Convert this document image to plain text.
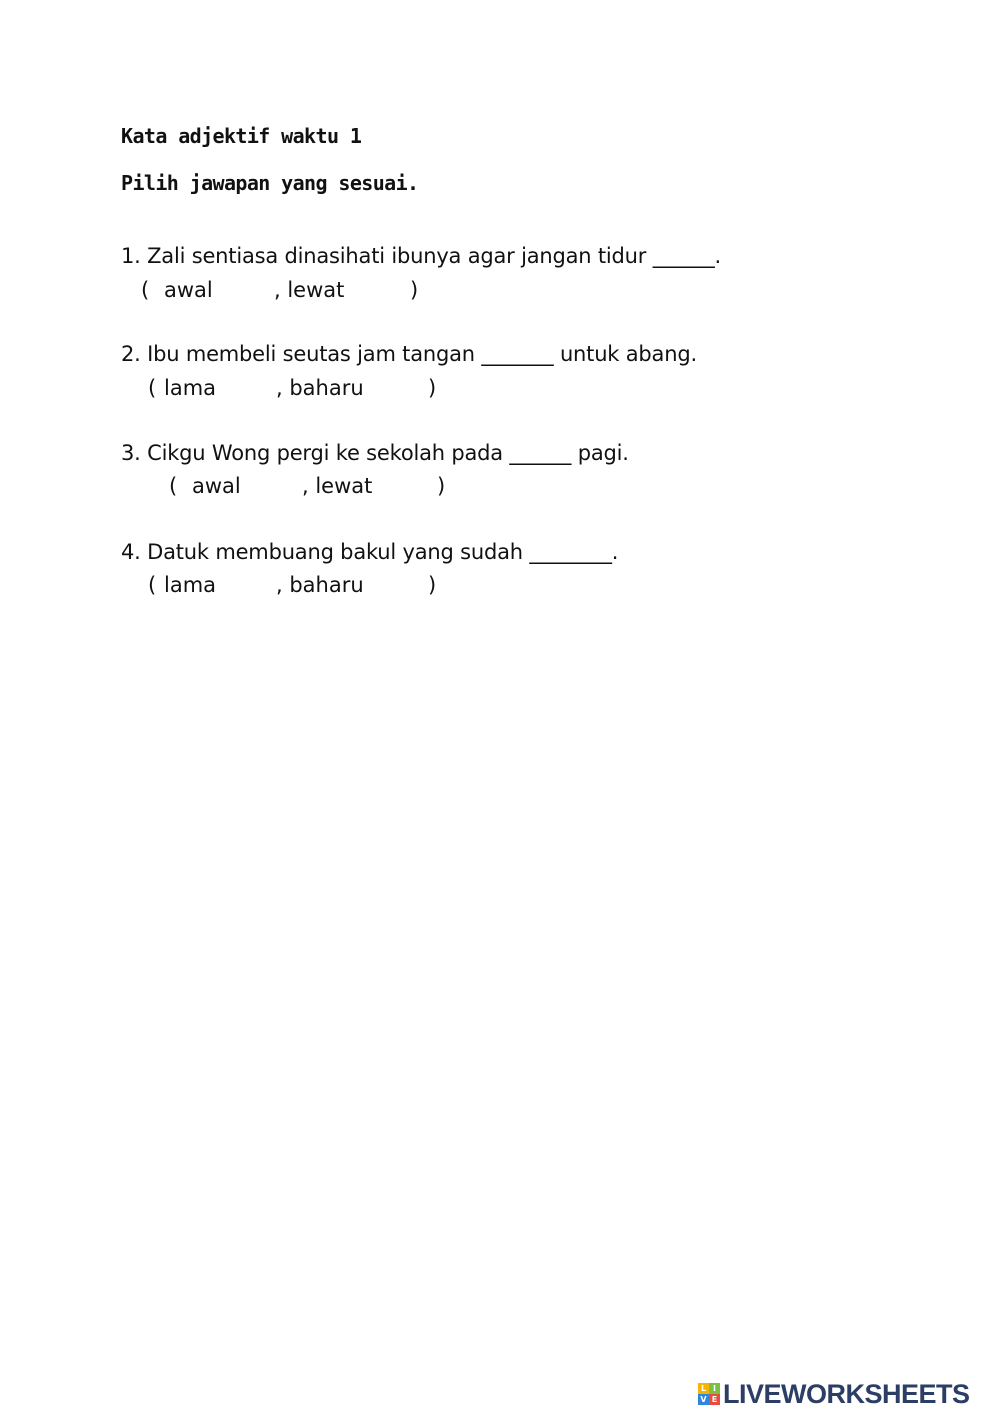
Kata adjektif waktu 1
Pilih jawapan yang sesuai.
1. Zali sentiasa dinasihati ibunya agar jangan tidur ______.
( awal	, lewat	)
2. Ibu membeli seutas jam tangan _______ untuk abang.
( lama	, baharu	)
3. Cikgu Wong pergi ke sekolah pada ______ pagi.
( awal	, lewat	)
4. Datuk membuang bakul yang sudah ________.
( lama	, baharu	)
L I
V E LIVEWORKSHEETS
